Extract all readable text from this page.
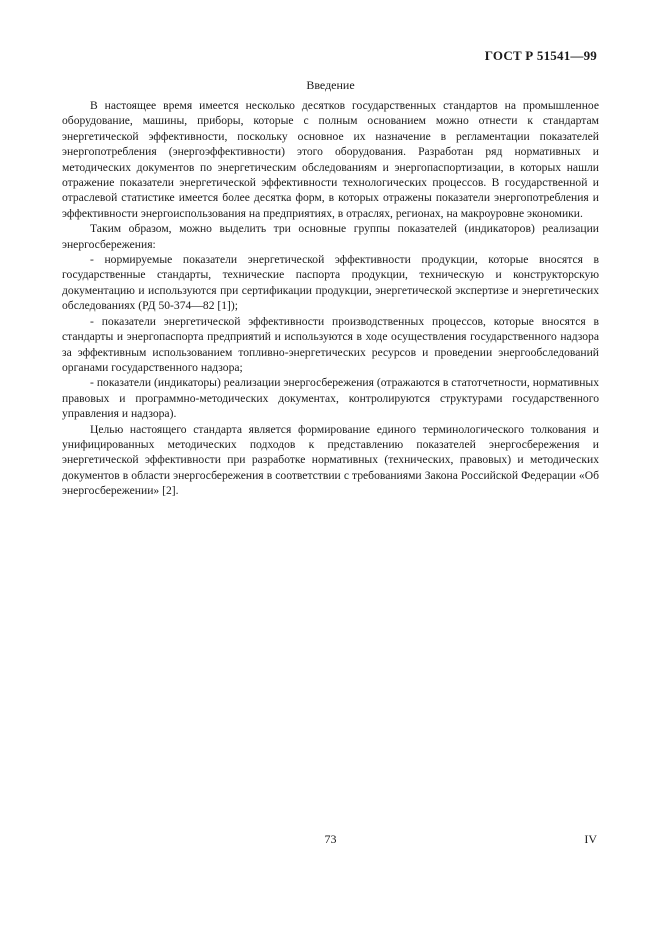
ГОСТ Р 51541—99
Введение

В настоящее время имеется несколько десятков государственных стандартов на промышленное оборудование, машины, приборы, которые с полным основанием можно отнести к стандартам энергетической эффективности, поскольку основное их назначение в регламентации показателей энергопотребления (энергоэффективности) этого оборудования. Разработан ряд нормативных и методических документов по энергетическим обследованиям и энергопаспортизации, в которых нашли отражение показатели энергетической эффективности технологических процессов. В государственной и отраслевой статистике имеется более десятка форм, в которых отражены показатели энергопотребления и эффективности энергоиспользования на предприятиях, в отраслях, регионах, на макроуровне экономики.

Таким образом, можно выделить три основные группы показателей (индикаторов) реализации энергосбережения:

- нормируемые показатели энергетической эффективности продукции, которые вносятся в государственные стандарты, технические паспорта продукции, техническую и конструкторскую документацию и используются при сертификации продукции, энергетической экспертизе и энергетических обследованиях (РД 50-374—82 [1]);

- показатели энергетической эффективности производственных процессов, которые вносятся в стандарты и энергопаспорта предприятий и используются в ходе осуществления государственного надзора за эффективным использованием топливно-энергетических ресурсов и проведении энергообследований органами государственного надзора;

- показатели (индикаторы) реализации энергосбережения (отражаются в статотчетности, нормативных правовых и программно-методических документах, контролируются структурами государственного управления и надзора).

Целью настоящего стандарта является формирование единого терминологического толкования и унифицированных методических подходов к представлению показателей энергосбережения и энергетической эффективности при разработке нормативных (технических, правовых) и методических документов в области энергосбережения в соответствии с требованиями Закона Российской Федерации «Об энергосбережении» [2].

73	IV
